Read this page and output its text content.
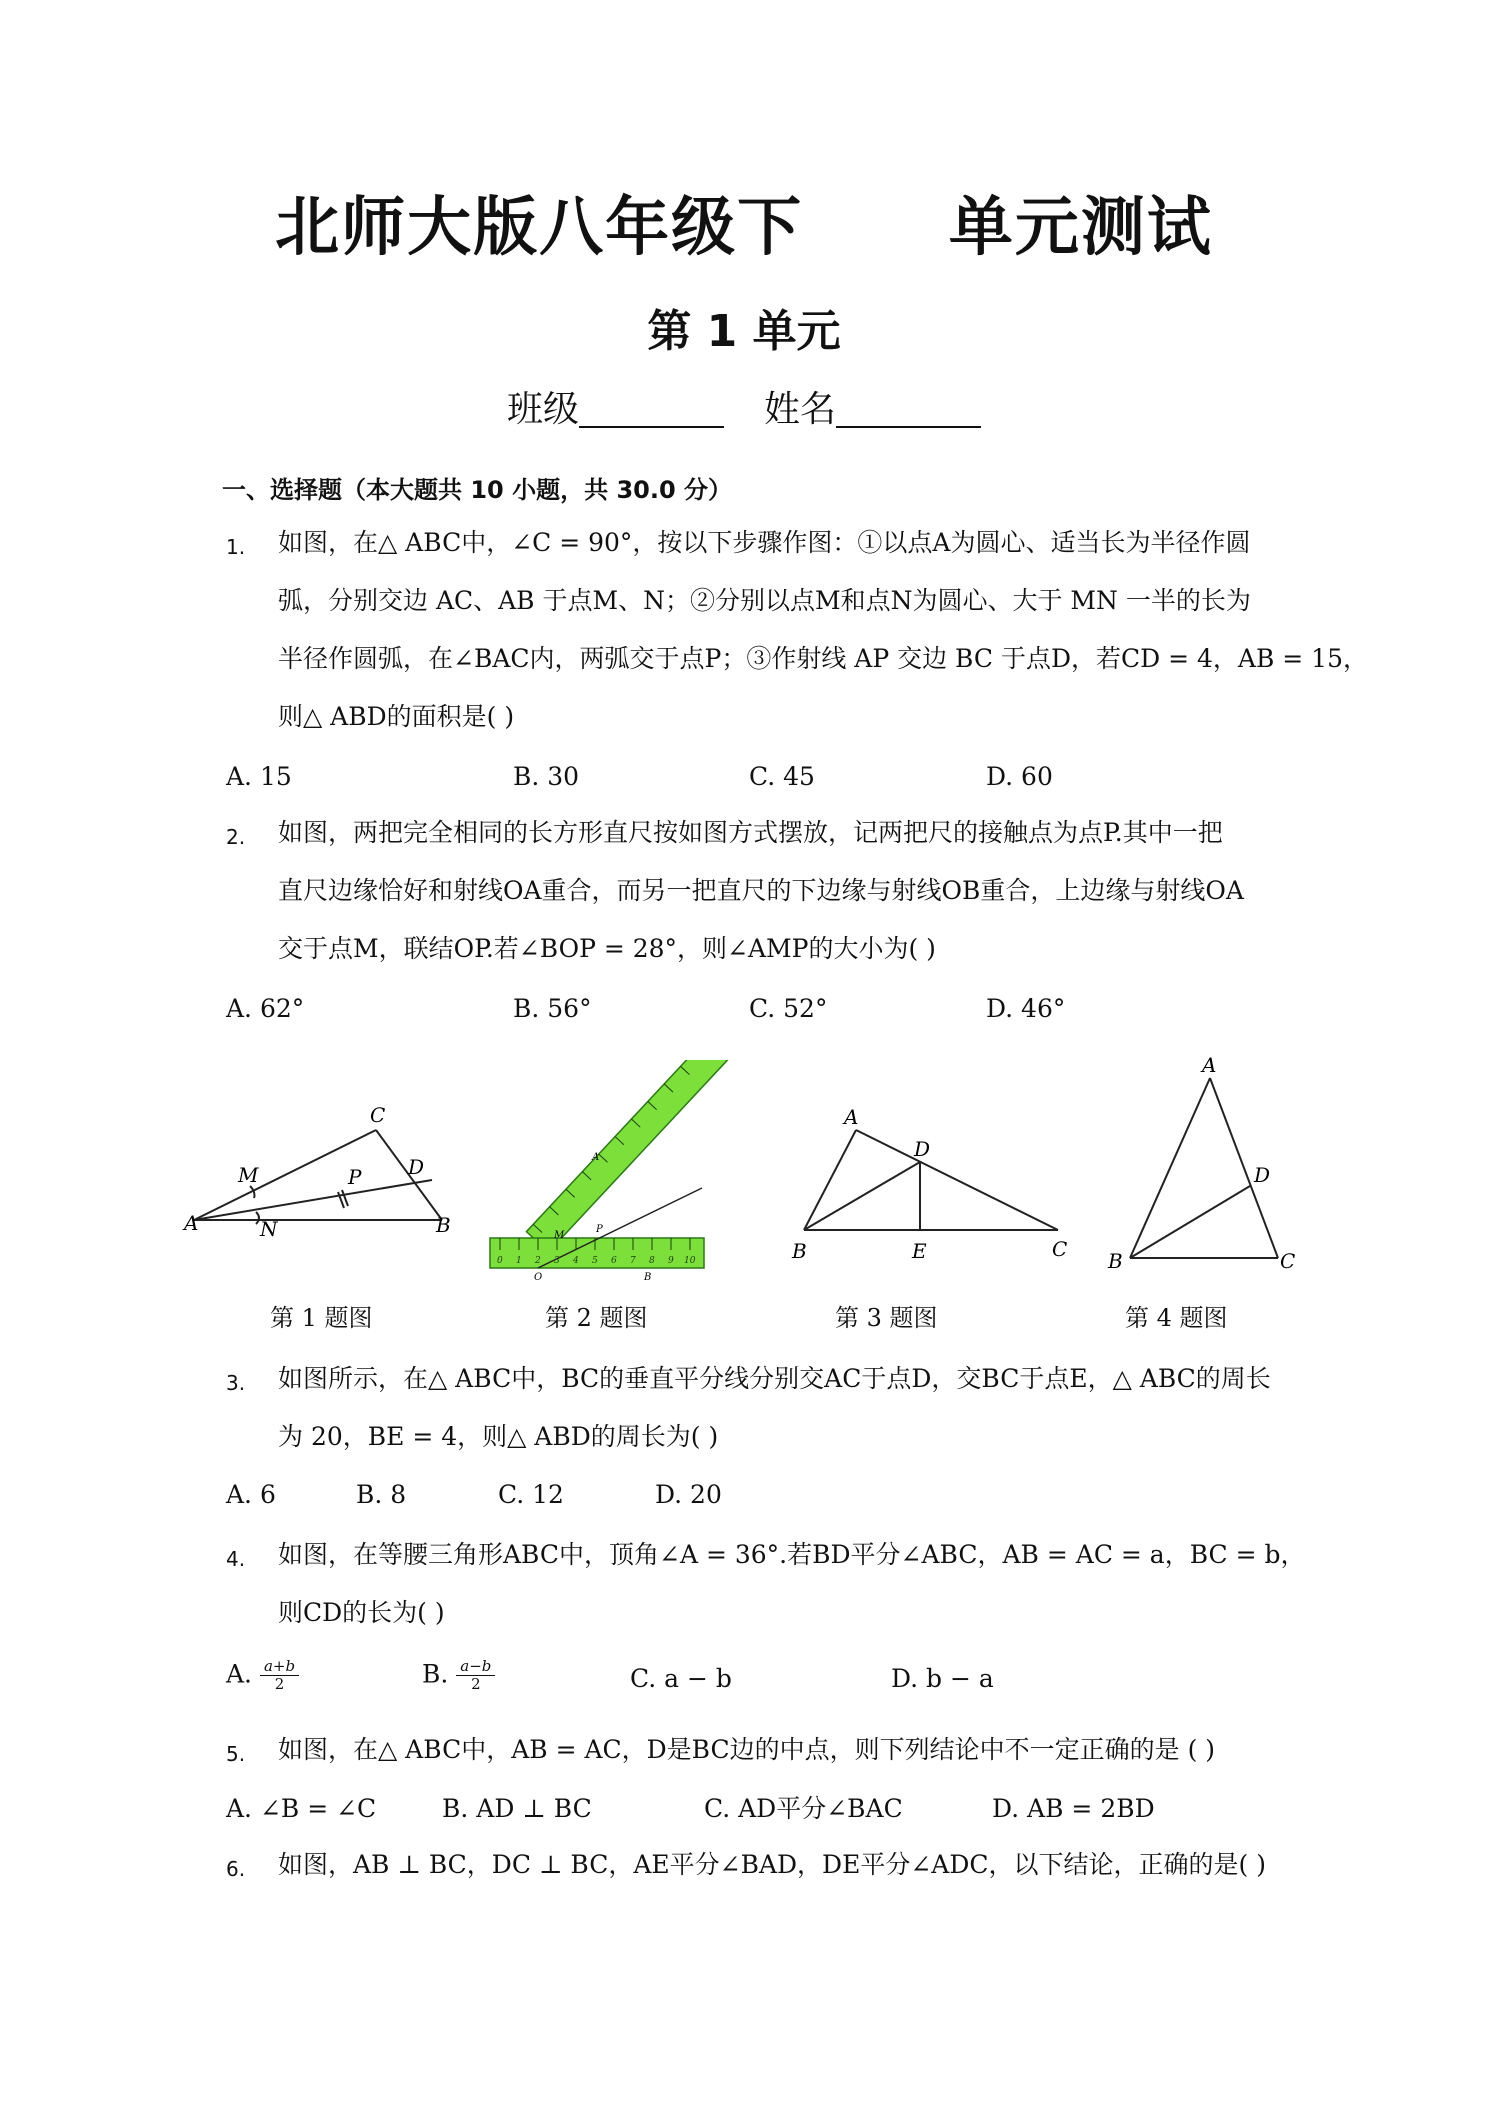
北师大版八年级下      单元测试
第 1 单元
班级	姓名
一、选择题（本大题共 10 小题，共 30.0 分）
1. 如图，在△ ABC中，∠C = 90°，按以下步骤作图：①以点A为圆心、适当长为半径作圆
弧，分别交边 AC、AB 于点M、N；②分别以点M和点N为圆心、大于 MN 一半的长为
半径作圆弧，在∠BAC内，两弧交于点P；③作射线 AP 交边 BC 于点D，若CD = 4，AB = 15，
则△ ABD的面积是( )
A. 15	B. 30	C. 45	D. 60
2. 如图，两把完全相同的长方形直尺按如图方式摆放，记两把尺的接触点为点P.其中一把
直尺边缘恰好和射线OA重合，而另一把直尺的下边缘与射线OB重合，上边缘与射线OA
交于点M，联结OP.若∠BOP = 28°，则∠AMP的大小为( )
A. 62°	B. 56°	C. 52°	D. 46°
C
M	P D
A	N	B
0 1 2 3 4 5 6 7 8 9 10
A
M
P
O	B
A
D
B	E	C
A
D
B	C
第 1 题图	第 2 题图	第 3 题图	第 4 题图
3. 如图所示，在△ ABC中，BC的垂直平分线分别交AC于点D，交BC于点E，△ ABC的周长
为 20，BE = 4，则△ ABD的周长为( )
A. 6	B. 8	C. 12	D. 20
4. 如图，在等腰三角形ABC中，顶角∠A = 36°.若BD平分∠ABC，AB = AC = a，BC = b，
则CD的长为( )
A. $\frac{a+b}{2}$	B. $\frac{a-b}{2}$	C. a − b	D. b − a
5. 如图，在△ ABC中，AB = AC，D是BC边的中点，则下列结论中不一定正确的是 ( )
A. ∠B = ∠C	B. AD ⊥ BC	C. AD平分∠BAC	D. AB = 2BD
6. 如图，AB ⊥ BC，DC ⊥ BC，AE平分∠BAD，DE平分∠ADC，以下结论，正确的是( )
